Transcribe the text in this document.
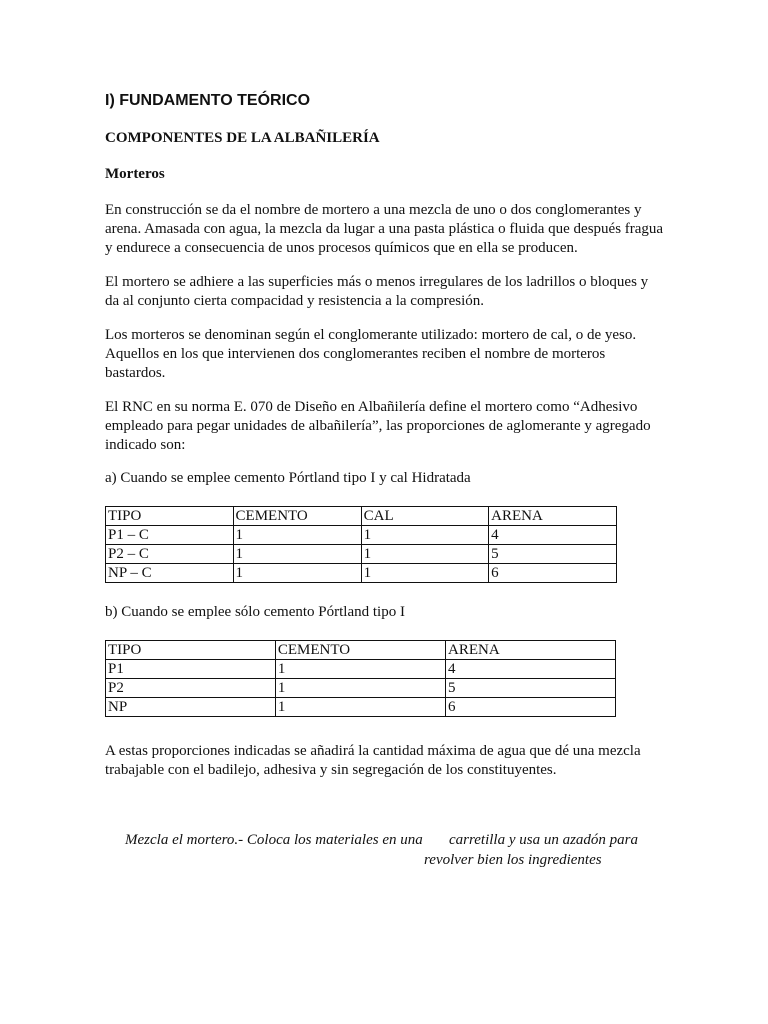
I) FUNDAMENTO TEÓRICO
COMPONENTES DE LA ALBAÑILERÍA
Morteros

En construcción se da el nombre de mortero a una mezcla de uno o dos conglomerantes y arena. Amasada con agua, la mezcla da lugar a una pasta plástica o fluida que después fragua y endurece a consecuencia de unos procesos químicos que en ella se producen.

El mortero se adhiere a las superficies más o menos irregulares de los ladrillos o bloques y da al conjunto cierta compacidad y resistencia a la compresión.

Los morteros se denominan según el conglomerante utilizado: mortero de cal, o de yeso. Aquellos en los que intervienen dos conglomerantes reciben el nombre de morteros bastardos.

El RNC en su norma E. 070 de Diseño en Albañilería define el mortero como “Adhesivo empleado para pegar unidades de albañilería”, las proporciones de aglomerante y agregado indicado son:

a) Cuando se emplee cemento Pórtland tipo I y cal Hidratada
TIPO	CEMENTO	CAL	ARENA
P1 – C	1	1	4
P2 – C	1	1	5
NP – C	1	1	6
b) Cuando se emplee sólo cemento Pórtland tipo I
TIPO	CEMENTO	ARENA
P1	1	4
P2	1	5
NP	1	6

A estas proporciones indicadas se añadirá la cantidad máxima de agua que dé una mezcla trabajable con el badilejo, adhesiva y sin segregación de los constituyentes.

Mezcla el mortero.- Coloca los materiales en una       carretilla y usa un azadón para
revolver bien los ingredientes
